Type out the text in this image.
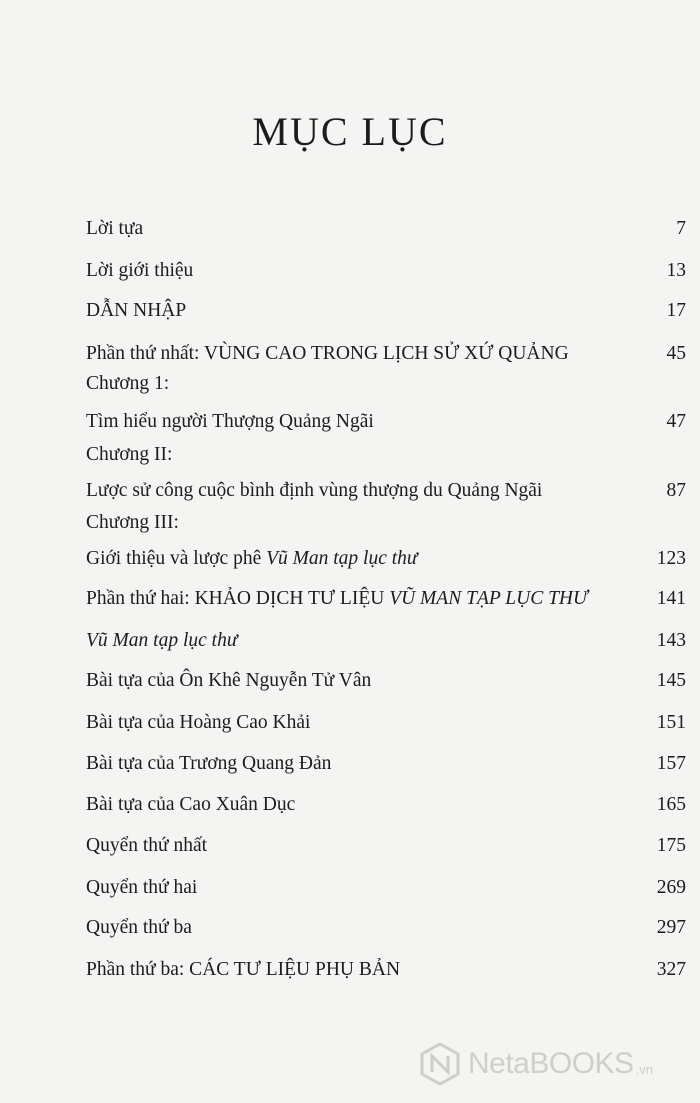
MỤC LỤC
Lời tựa	7
Lời giới thiệu	13
DẪN NHẬP	17
Phần thứ nhất: VÙNG CAO TRONG LỊCH SỬ XỨ QUẢNG	45
Chương 1:
Tìm hiểu người Thượng Quảng Ngãi	47
Chương II:
Lược sử công cuộc bình định vùng thượng du Quảng Ngãi	87
Chương III:
Giới thiệu và lược phê Vũ Man tạp lục thư	123
Phần thứ hai: KHẢO DỊCH TƯ LIỆU VŨ MAN TẠP LỤC THƯ	141
Vũ Man tạp lục thư	143
Bài tựa của Ôn Khê Nguyễn Tử Vân	145
Bài tựa của Hoàng Cao Khải	151
Bài tựa của Trương Quang Đản	157
Bài tựa của Cao Xuân Dục	165
Quyển thứ nhất	175
Quyển thứ hai	269
Quyển thứ ba	297
Phần thứ ba: CÁC TƯ LIỆU PHỤ BẢN	327
NetaBOOKS .vn
